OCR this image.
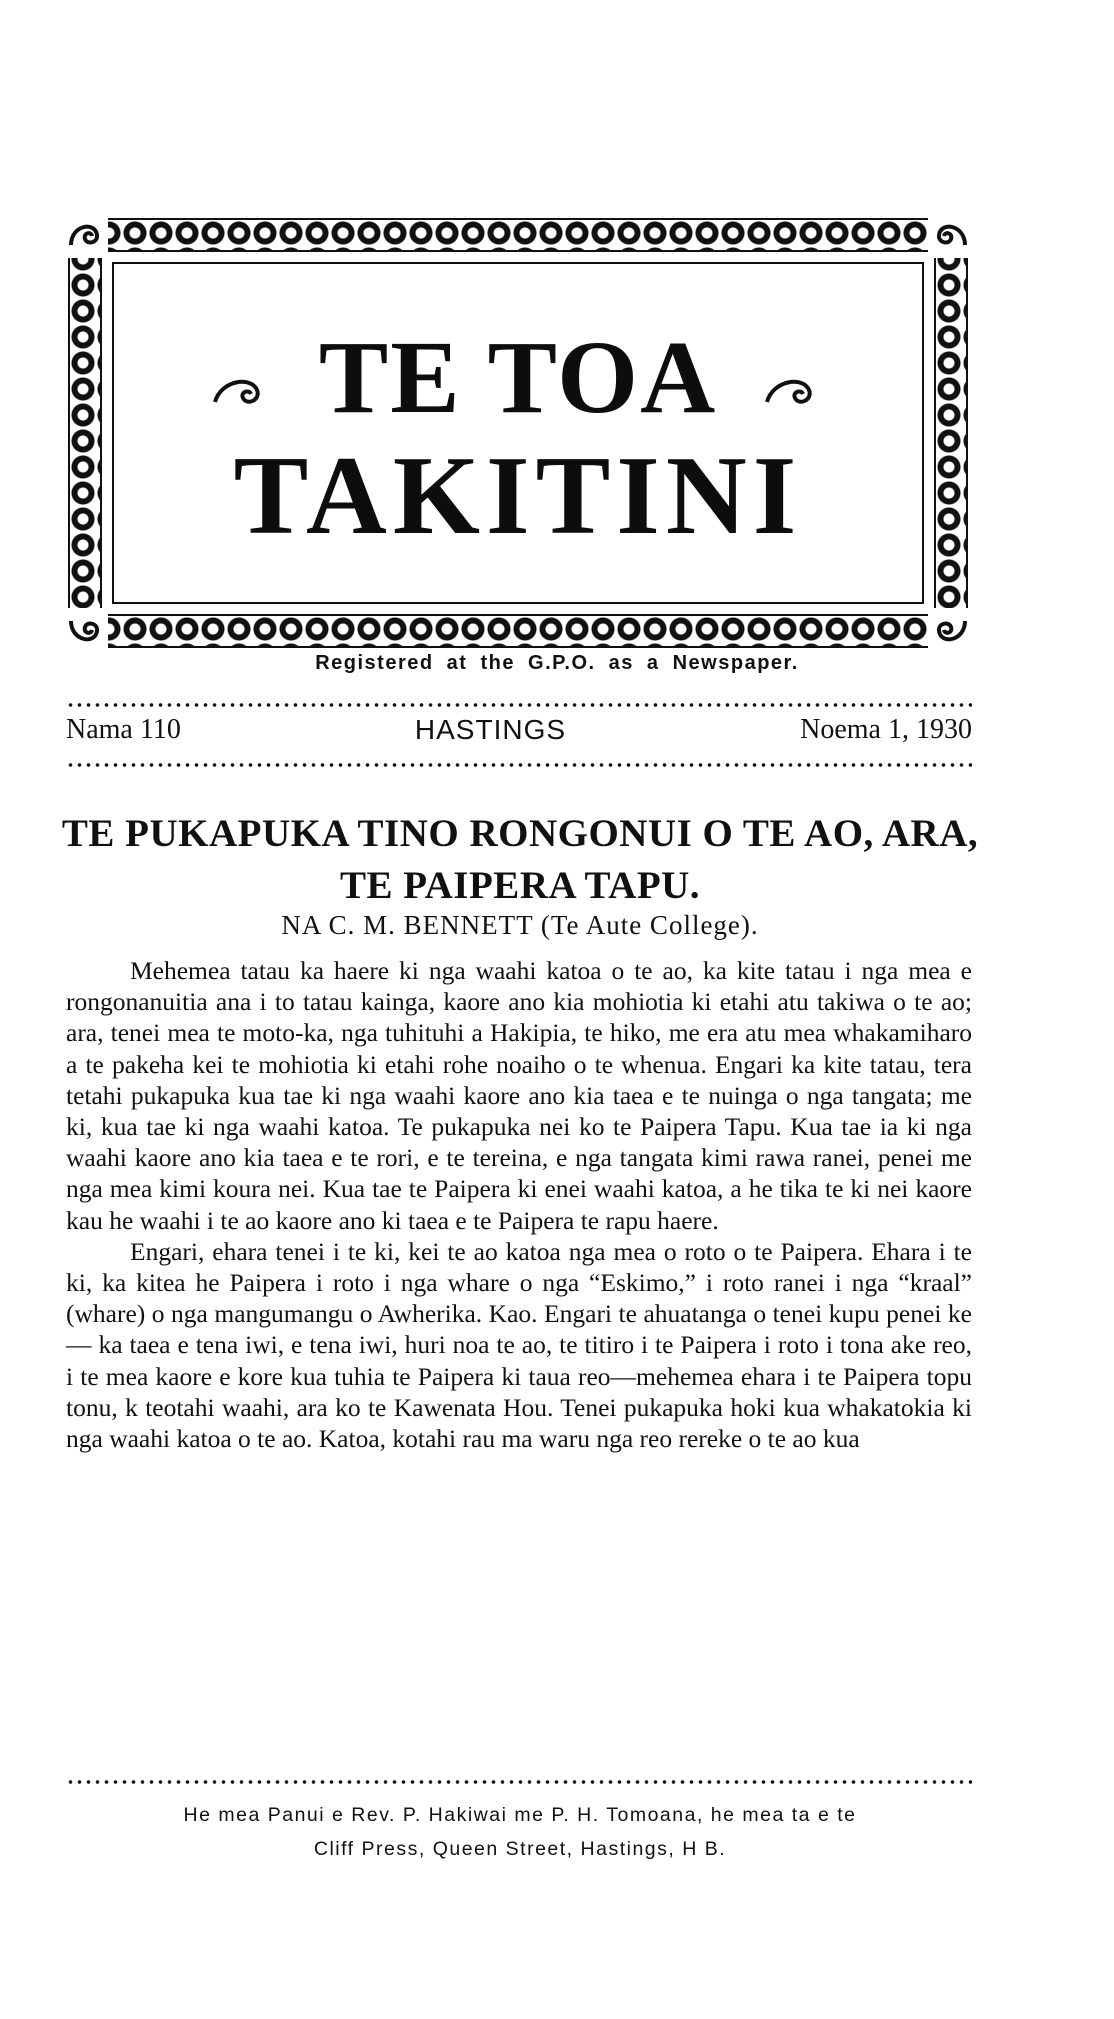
TE TOA
TAKITINI
Registered at the G.P.O. as a Newspaper.
Nama 110	HASTINGS	Noema 1, 1930
TE PUKAPUKA TINO RONGONUI O TE AO, ARA, TE PAIPERA TAPU.
NA C. M. BENNETT (Te Aute College).

Mehemea tatau ka haere ki nga waahi katoa o te ao, ka kite tatau i nga mea e rongonanuitia ana i to tatau kainga, kaore ano kia mohiotia ki etahi atu takiwa o te ao; ara, tenei mea te moto-ka, nga tuhituhi a Hakipia, te hiko, me era atu mea whakamiharo a te pakeha kei te mohiotia ki etahi rohe noaiho o te whenua. Engari ka kite tatau, tera tetahi pukapuka kua tae ki nga waahi kaore ano kia taea e te nuinga o nga tangata; me ki, kua tae ki nga waahi katoa. Te pukapuka nei ko te Paipera Tapu. Kua tae ia ki nga waahi kaore ano kia taea e te rori, e te tereina, e nga tangata kimi rawa ranei, penei me nga mea kimi koura nei. Kua tae te Paipera ki enei waahi katoa, a he tika te ki nei kaore kau he waahi i te ao kaore ano ki taea e te Paipera te rapu haere.

Engari, ehara tenei i te ki, kei te ao katoa nga mea o roto o te Paipera. Ehara i te ki, ka kitea he Paipera i roto i nga whare o nga “Eskimo,” i roto ranei i nga “kraal” (whare) o nga mangumangu o Awherika. Kao. Engari te ahuatanga o tenei kupu penei ke— ka taea e tena iwi, e tena iwi, huri noa te ao, te titiro i te Paipera i roto i tona ake reo, i te mea kaore e kore kua tuhia te Paipera ki taua reo—mehemea ehara i te Paipera topu tonu, k teotahi waahi, ara ko te Kawenata Hou. Tenei pukapuka hoki kua whakatokia ki nga waahi katoa o te ao. Katoa, kotahi rau ma waru nga reo rereke o te ao kua

He mea Panui e Rev. P. Hakiwai me P. H. Tomoana, he mea ta e te
Cliff Press, Queen Street, Hastings, H B.
